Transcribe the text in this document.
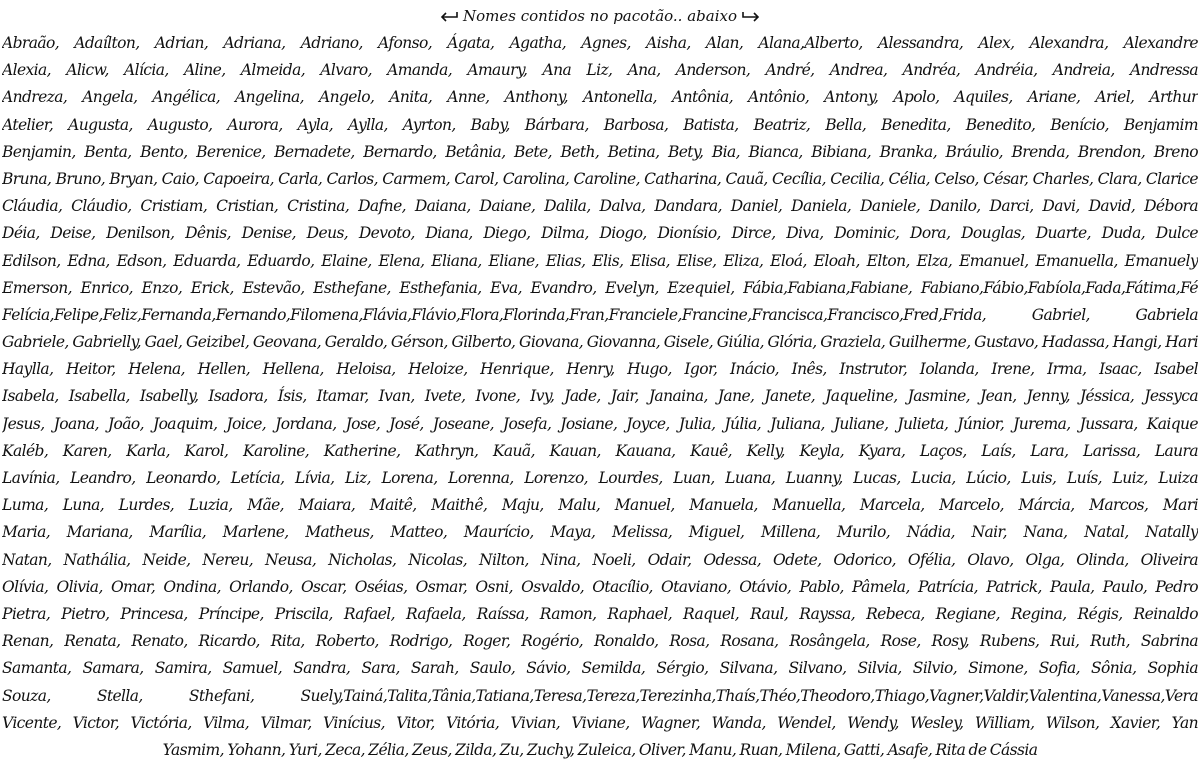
Nomes contidos no pacotão.. abaixo
Abraão, Adaílton, Adrian, Adriana, Adriano, Afonso, Ágata, Agatha, Agnes, Aisha, Alan, Alana,Alberto, Alessandra, Alex, Alexandra, Alexandre
Alexia, Alicw, Alícia, Aline, Almeida, Alvaro, Amanda, Amaury, Ana Liz, Ana, Anderson, André, Andrea, Andréa, Andréia, Andreia, Andressa
Andreza, Angela, Angélica, Angelina, Angelo, Anita, Anne, Anthony, Antonella, Antônia, Antônio, Antony, Apolo, Aquiles, Ariane, Ariel, Arthur
Atelier, Augusta, Augusto, Aurora, Ayla, Aylla, Ayrton, Baby, Bárbara, Barbosa, Batista, Beatriz, Bella, Benedita, Benedito, Benício, Benjamim
Benjamin, Benta, Bento, Berenice, Bernadete, Bernardo, Betânia, Bete, Beth, Betina, Bety, Bia, Bianca, Bibiana, Branka, Bráulio, Brenda, Brendon, Breno
Bruna, Bruno, Bryan, Caio, Capoeira, Carla, Carlos, Carmem, Carol, Carolina, Caroline, Catharina, Cauã, Cecília, Cecilia, Célia, Celso, César, Charles, Clara, Clarice
Cláudia, Cláudio, Cristiam, Cristian, Cristina, Dafne, Daiana, Daiane, Dalila, Dalva, Dandara, Daniel, Daniela, Daniele, Danilo, Darci, Davi, David, Débora
Déia, Deise, Denilson, Dênis, Denise, Deus, Devoto, Diana, Diego, Dilma, Diogo, Dionísio, Dirce, Diva, Dominic, Dora, Douglas, Duarte, Duda, Dulce
Edilson, Edna, Edson, Eduarda, Eduardo, Elaine, Elena, Eliana, Eliane, Elias, Elis, Elisa, Elise, Eliza, Eloá, Eloah, Elton, Elza, Emanuel, Emanuella, Emanuely
Emerson, Enrico, Enzo, Erick, Estevão, Esthefane, Esthefania, Eva, Evandro, Evelyn, Ezequiel, Fábia,Fabiana,Fabiane, Fabiano,Fábio,Fabíola,Fada,Fátima,Fé
Felícia,Felipe,Feliz,Fernanda,Fernando,Filomena,Flávia,Flávio,Flora,Florinda,Fran,Franciele,Francine,Francisca,Francisco,Fred,Frida, Gabriel, Gabriela
Gabriele, Gabrielly, Gael, Geizibel, Geovana, Geraldo, Gérson, Gilberto, Giovana, Giovanna, Gisele, Giúlia, Glória, Graziela, Guilherme, Gustavo, Hadassa, Hangi, Hari
Haylla, Heitor, Helena, Hellen, Hellena, Heloisa, Heloize, Henrique, Henry, Hugo, Igor, Inácio, Inês, Instrutor, Iolanda, Irene, Irma, Isaac, Isabel
Isabela, Isabella, Isabelly, Isadora, Ísis, Itamar, Ivan, Ivete, Ivone, Ivy, Jade, Jair, Janaina, Jane, Janete, Jaqueline, Jasmine, Jean, Jenny, Jéssica, Jessyca
Jesus, Joana, João, Joaquim, Joice, Jordana, Jose, José, Joseane, Josefa, Josiane, Joyce, Julia, Júlia, Juliana, Juliane, Julieta, Júnior, Jurema, Jussara, Kaique
Kaléb, Karen, Karla, Karol, Karoline, Katherine, Kathryn, Kauã, Kauan, Kauana, Kauê, Kelly, Keyla, Kyara, Laços, Laís, Lara, Larissa, Laura
Lavínia, Leandro, Leonardo, Letícia, Lívia, Liz, Lorena, Lorenna, Lorenzo, Lourdes, Luan, Luana, Luanny, Lucas, Lucia, Lúcio, Luis, Luís, Luiz, Luiza
Luma, Luna, Lurdes, Luzia, Mãe, Maiara, Maitê, Maithê, Maju, Malu, Manuel, Manuela, Manuella, Marcela, Marcelo, Márcia, Marcos, Mari
Maria, Mariana, Marília, Marlene, Matheus, Matteo, Maurício, Maya, Melissa, Miguel, Millena, Murilo, Nádia, Nair, Nana, Natal, Natally
Natan, Nathália, Neide, Nereu, Neusa, Nicholas, Nicolas, Nilton, Nina, Noeli, Odair, Odessa, Odete, Odorico, Ofélia, Olavo, Olga, Olinda, Oliveira
Olívia, Olivia, Omar, Ondina, Orlando, Oscar, Oséias, Osmar, Osni, Osvaldo, Otacílio, Otaviano, Otávio, Pablo, Pâmela, Patrícia, Patrick, Paula, Paulo, Pedro
Pietra, Pietro, Princesa, Príncipe, Priscila, Rafael, Rafaela, Raíssa, Ramon, Raphael, Raquel, Raul, Rayssa, Rebeca, Regiane, Regina, Régis, Reinaldo
Renan, Renata, Renato, Ricardo, Rita, Roberto, Rodrigo, Roger, Rogério, Ronaldo, Rosa, Rosana, Rosângela, Rose, Rosy, Rubens, Rui, Ruth, Sabrina
Samanta, Samara, Samira, Samuel, Sandra, Sara, Sarah, Saulo, Sávio, Semilda, Sérgio, Silvana, Silvano, Silvia, Silvio, Simone, Sofia, Sônia, Sophia
Souza, Stella, Sthefani, Suely,Tainá,Talita,Tânia,Tatiana,Teresa,Tereza,Terezinha,Thaís,Théo,Theodoro,Thiago,Vagner,Valdir,Valentina,Vanessa,Vera
Vicente, Victor, Victória, Vilma, Vilmar, Vinícius, Vitor, Vitória, Vivian, Viviane, Wagner, Wanda, Wendel, Wendy, Wesley, William, Wilson, Xavier, Yan
Yasmim, Yohann, Yuri, Zeca, Zélia, Zeus, Zilda, Zu, Zuchy, Zuleica, Oliver, Manu, Ruan, Milena, Gatti, Asafe, Rita de Cássia
